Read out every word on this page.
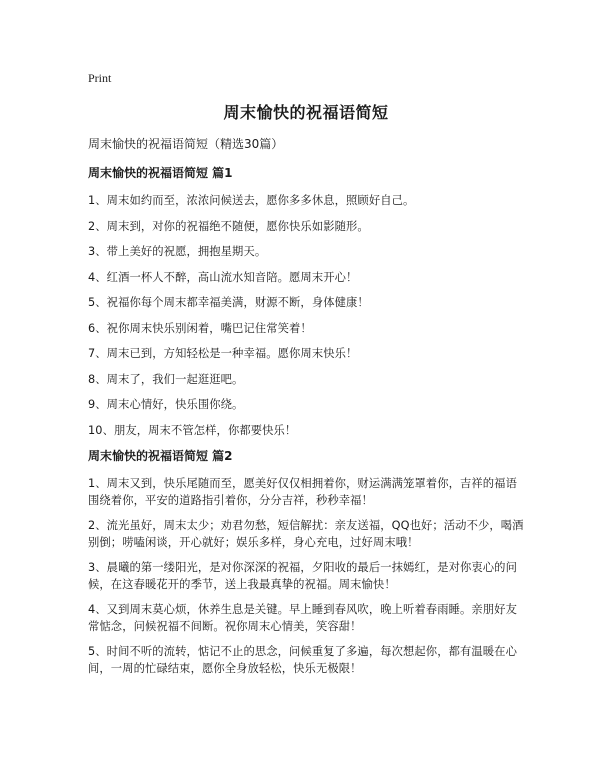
Print
周末愉快的祝福语简短
周末愉快的祝福语简短（精选30篇）
周末愉快的祝福语简短 篇1

1、周末如约而至，浓浓问候送去，愿你多多休息，照顾好自己。

2、周末到，对你的祝福绝不随便，愿你快乐如影随形。

3、带上美好的祝愿，拥抱星期天。

4、红酒一杯人不醉，高山流水知音陪。愿周末开心！

5、祝福你每个周末都幸福美满，财源不断，身体健康！

6、祝你周末快乐别闲着，嘴巴记住常笑着！

7、周末已到，方知轻松是一种幸福。愿你周末快乐！

8、周末了，我们一起逛逛吧。

9、周末心情好，快乐围你绕。

10、朋友，周末不管怎样，你都要快乐！

周末愉快的祝福语简短 篇2

1、周末又到，快乐尾随而至，愿美好仅仅相拥着你，财运满满笼罩着你，吉祥的福语围绕着你，平安的道路指引着你，分分吉祥，秒秒幸福！

2、流光虽好，周末太少；劝君勿愁，短信解扰：亲友送福，QQ也好；活动不少，喝酒别倒；唠嗑闲谈，开心就好；娱乐多样，身心充电，过好周末哦！

3、晨曦的第一缕阳光，是对你深深的祝福，夕阳收的最后一抹嫣红，是对你衷心的问候，在这春暖花开的季节，送上我最真挚的祝福。周末愉快！

4、又到周末莫心烦，休养生息是关键。早上睡到春风吹，晚上听着春雨睡。亲朋好友常惦念，问候祝福不间断。祝你周末心情美，笑容甜！

5、时间不听的流转，惦记不止的思念，问候重复了多遍，每次想起你，都有温暖在心间，一周的忙碌结束，愿你全身放轻松，快乐无极限！
